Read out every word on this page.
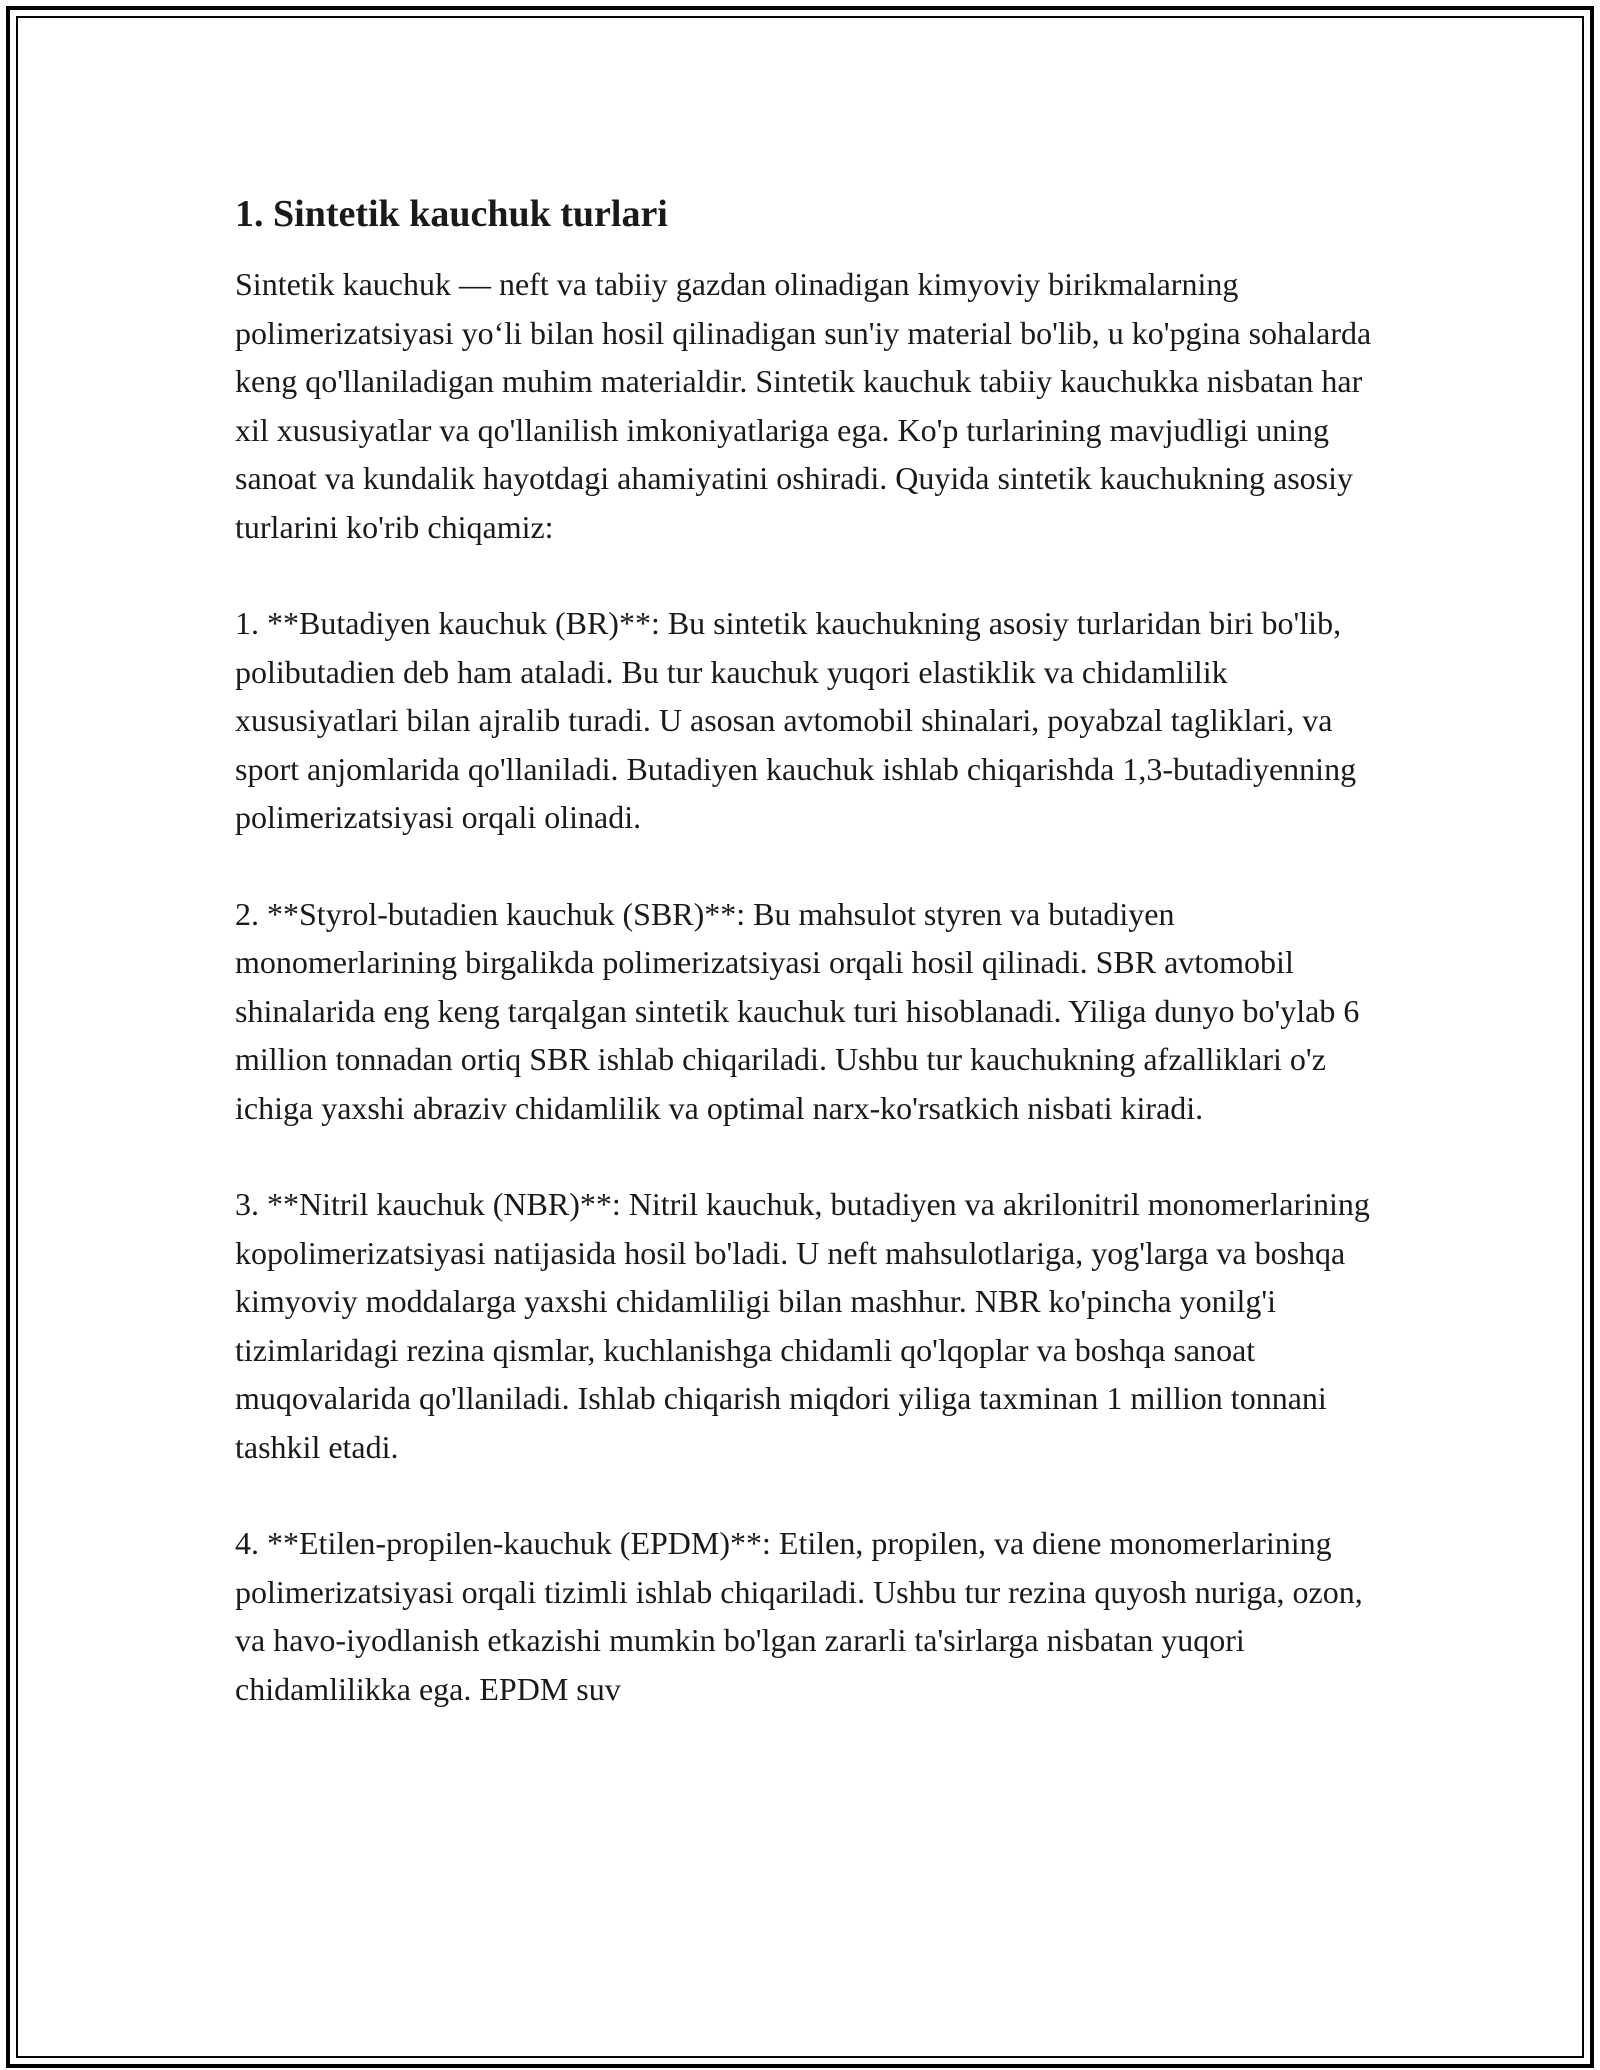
1. Sintetik kauchuk turlari

Sintetik kauchuk — neft va tabiiy gazdan olinadigan kimyoviy birikmalarning polimerizatsiyasi yo‘li bilan hosil qilinadigan sun'iy material bo'lib, u ko'pgina sohalarda keng qo'llaniladigan muhim materialdir. Sintetik kauchuk tabiiy kauchukka nisbatan har xil xususiyatlar va qo'llanilish imkoniyatlariga ega. Ko'p turlarining mavjudligi uning sanoat va kundalik hayotdagi ahamiyatini oshiradi. Quyida sintetik kauchukning asosiy turlarini ko'rib chiqamiz:

1. **Butadiyen kauchuk (BR)**: Bu sintetik kauchukning asosiy turlaridan biri bo'lib, polibutadien deb ham ataladi. Bu tur kauchuk yuqori elastiklik va chidamlilik xususiyatlari bilan ajralib turadi. U asosan avtomobil shinalari, poyabzal tagliklari, va sport anjomlarida qo'llaniladi. Butadiyen kauchuk ishlab chiqarishda 1,3-butadiyenning polimerizatsiyasi orqali olinadi.

2. **Styrol-butadien kauchuk (SBR)**: Bu mahsulot styren va butadiyen monomerlarining birgalikda polimerizatsiyasi orqali hosil qilinadi. SBR avtomobil shinalarida eng keng tarqalgan sintetik kauchuk turi hisoblanadi. Yiliga dunyo bo'ylab 6 million tonnadan ortiq SBR ishlab chiqariladi. Ushbu tur kauchukning afzalliklari o'z ichiga yaxshi abraziv chidamlilik va optimal narx-ko'rsatkich nisbati kiradi.

3. **Nitril kauchuk (NBR)**: Nitril kauchuk, butadiyen va akrilonitril monomerlarining kopolimerizatsiyasi natijasida hosil bo'ladi. U neft mahsulotlariga, yog'larga va boshqa kimyoviy moddalarga yaxshi chidamliligi bilan mashhur. NBR ko'pincha yonilg'i tizimlaridagi rezina qismlar, kuchlanishga chidamli qo'lqoplar va boshqa sanoat muqovalarida qo'llaniladi. Ishlab chiqarish miqdori yiliga taxminan 1 million tonnani tashkil etadi.

4. **Etilen-propilen-kauchuk (EPDM)**: Etilen, propilen, va diene monomerlarining polimerizatsiyasi orqali tizimli ishlab chiqariladi. Ushbu tur rezina quyosh nuriga, ozon, va havo-iyodlanish etkazishi mumkin bo'lgan zararli ta'sirlarga nisbatan yuqori chidamlilikka ega. EPDM suv
